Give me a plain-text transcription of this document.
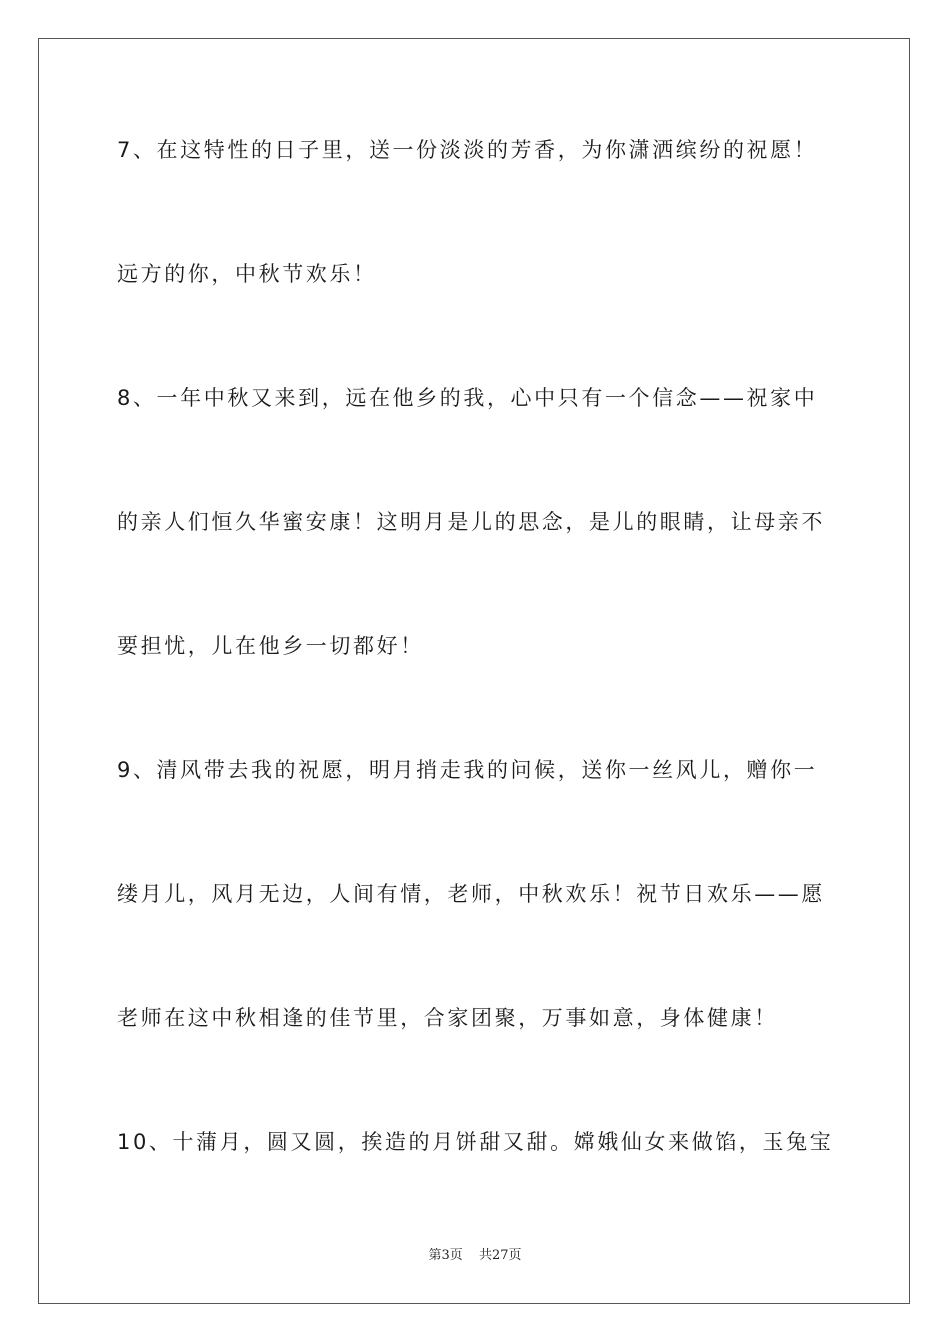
7、在这特性的日子里，送一份淡淡的芳香，为你潇洒缤纷的祝愿！
远方的你，中秋节欢乐！
8、一年中秋又来到，远在他乡的我，心中只有一个信念——祝家中
的亲人们恒久华蜜安康！这明月是儿的思念，是儿的眼睛，让母亲不
要担忧，儿在他乡一切都好！
9、清风带去我的祝愿，明月捎走我的问候，送你一丝风儿，赠你一
缕月儿，风月无边，人间有情，老师，中秋欢乐！祝节日欢乐——愿
老师在这中秋相逢的佳节里，合家团聚，万事如意，身体健康！
10、十蒲月，圆又圆，挨造的月饼甜又甜。嫦娥仙女来做馅，玉兔宝
第3页 共27页
